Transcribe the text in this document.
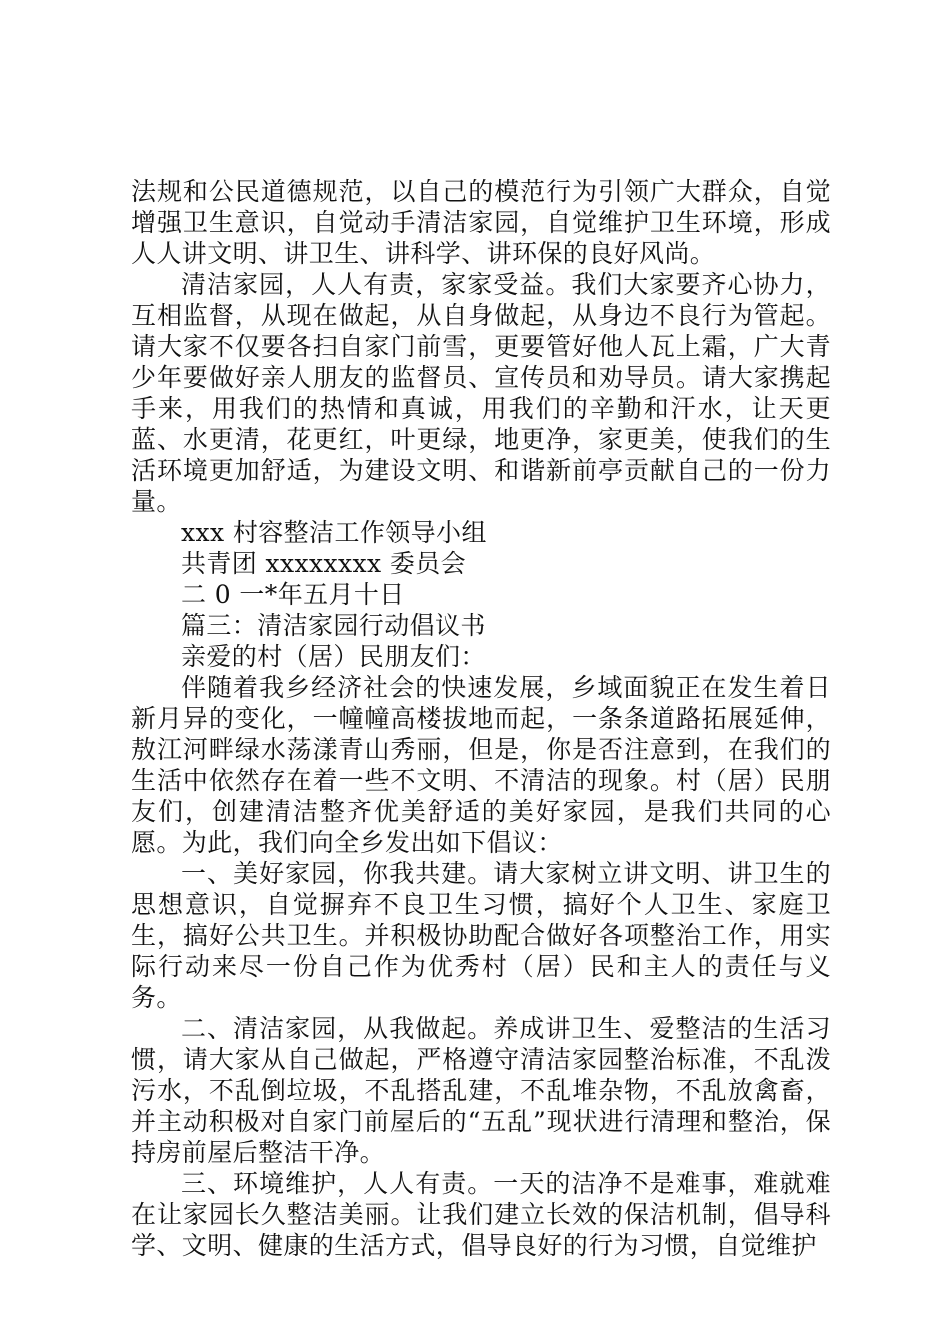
法规和公民道德规范，以自己的模范行为引领广大群众，自觉增强卫生意识，自觉动手清洁家园，自觉维护卫生环境，形成人人讲文明、讲卫生、讲科学、讲环保的良好风尚。

清洁家园，人人有责，家家受益。我们大家要齐心协力，互相监督，从现在做起，从自身做起，从身边不良行为管起。请大家不仅要各扫自家门前雪，更要管好他人瓦上霜，广大青少年要做好亲人朋友的监督员、宣传员和劝导员。请大家携起手来，用我们的热情和真诚，用我们的辛勤和汗水，让天更蓝、水更清，花更红，叶更绿，地更净，家更美，使我们的生活环境更加舒适，为建设文明、和谐新前亭贡献自己的一份力量。

xxx 村容整洁工作领导小组

共青团 xxxxxxxx 委员会

二 0 一*年五月十日

篇三：清洁家园行动倡议书

亲爱的村（居）民朋友们：

伴随着我乡经济社会的快速发展，乡域面貌正在发生着日新月异的变化，一幢幢高楼拔地而起，一条条道路拓展延伸，敖江河畔绿水荡漾青山秀丽，但是，你是否注意到，在我们的生活中依然存在着一些不文明、不清洁的现象。村（居）民朋友们，创建清洁整齐优美舒适的美好家园，是我们共同的心愿。为此，我们向全乡发出如下倡议：

一、美好家园，你我共建。请大家树立讲文明、讲卫生的思想意识，自觉摒弃不良卫生习惯，搞好个人卫生、家庭卫生，搞好公共卫生。并积极协助配合做好各项整治工作，用实际行动来尽一份自己作为优秀村（居）民和主人的责任与义务。

二、清洁家园，从我做起。养成讲卫生、爱整洁的生活习惯，请大家从自己做起，严格遵守清洁家园整治标准，不乱泼污水，不乱倒垃圾，不乱搭乱建，不乱堆杂物，不乱放禽畜，并主动积极对自家门前屋后的“五乱”现状进行清理和整治，保持房前屋后整洁干净。

三、环境维护，人人有责。一天的洁净不是难事，难就难在让家园长久整洁美丽。让我们建立长效的保洁机制，倡导科学、文明、健康的生活方式，倡导良好的行为习惯，自觉维护
